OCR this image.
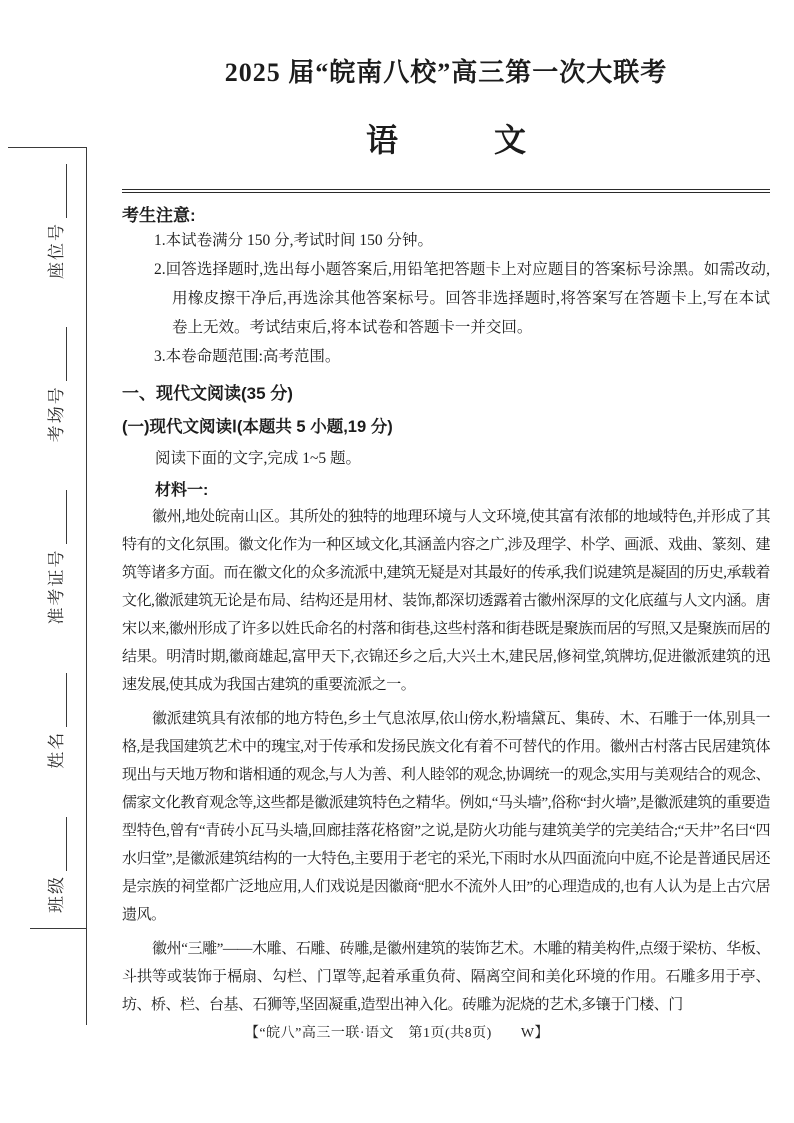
班级
姓名
准考证号
考场号
座位号
2025 届“皖南八校”高三第一次大联考
语　　　文
考生注意:
1.本试卷满分 150 分,考试时间 150 分钟。
2.回答选择题时,选出每小题答案后,用铅笔把答题卡上对应题目的答案标号涂黑。如需改动,用橡皮擦干净后,再选涂其他答案标号。回答非选择题时,将答案写在答题卡上,写在本试卷上无效。考试结束后,将本试卷和答题卡一并交回。
3.本卷命题范围:高考范围。
一、现代文阅读(35 分)
(一)现代文阅读Ⅰ(本题共 5 小题,19 分)
阅读下面的文字,完成 1~5 题。
材料一:

徽州,地处皖南山区。其所处的独特的地理环境与人文环境,使其富有浓郁的地域特色,并形成了其特有的文化氛围。徽文化作为一种区域文化,其涵盖内容之广,涉及理学、朴学、画派、戏曲、篆刻、建筑等诸多方面。而在徽文化的众多流派中,建筑无疑是对其最好的传承,我们说建筑是凝固的历史,承载着文化,徽派建筑无论是布局、结构还是用材、装饰,都深切透露着古徽州深厚的文化底蕴与人文内涵。唐宋以来,徽州形成了许多以姓氏命名的村落和街巷,这些村落和街巷既是聚族而居的写照,又是聚族而居的结果。明清时期,徽商雄起,富甲天下,衣锦还乡之后,大兴土木,建民居,修祠堂,筑牌坊,促进徽派建筑的迅速发展,使其成为我国古建筑的重要流派之一。

徽派建筑具有浓郁的地方特色,乡土气息浓厚,依山傍水,粉墙黛瓦、集砖、木、石雕于一体,别具一格,是我国建筑艺术中的瑰宝,对于传承和发扬民族文化有着不可替代的作用。徽州古村落古民居建筑体现出与天地万物和谐相通的观念,与人为善、利人睦邻的观念,协调统一的观念,实用与美观结合的观念、儒家文化教育观念等,这些都是徽派建筑特色之精华。例如,“马头墙”,俗称“封火墙”,是徽派建筑的重要造型特色,曾有“青砖小瓦马头墙,回廊挂落花格窗”之说,是防火功能与建筑美学的完美结合;“天井”名曰“四水归堂”,是徽派建筑结构的一大特色,主要用于老宅的采光,下雨时水从四面流向中庭,不论是普通民居还是宗族的祠堂都广泛地应用,人们戏说是因徽商“肥水不流外人田”的心理造成的,也有人认为是上古穴居遗风。

徽州“三雕”——木雕、石雕、砖雕,是徽州建筑的装饰艺术。木雕的精美构件,点缀于梁枋、华板、斗拱等或装饰于槅扇、勾栏、门罩等,起着承重负荷、隔离空间和美化环境的作用。石雕多用于亭、坊、桥、栏、台基、石狮等,坚固凝重,造型出神入化。砖雕为泥烧的艺术,多镶于门楼、门

【“皖八”高三一联·语文　第1页(共8页)　　W】
